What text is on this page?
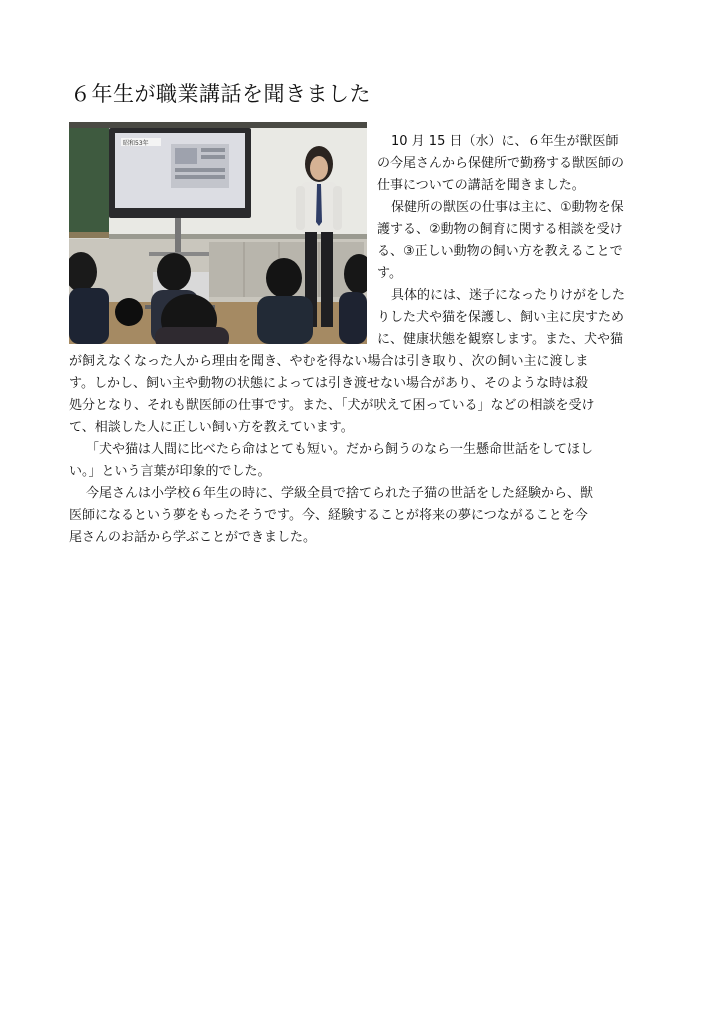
６年生が職業講話を聞きました
昭和53年	10 月 15 日（水）に、６年生が獣医師
の今尾さんから保健所で勤務する獣医師の
仕事についての講話を聞きました。
保健所の獣医の仕事は主に、①動物を保
護する、②動物の飼育に関する相談を受け
る、③正しい動物の飼い方を教えることで
す。
具体的には、迷子になったりけがをした
りした犬や猫を保護し、飼い主に戻すため
に、健康状態を観察します。また、犬や猫
が飼えなくなった人から理由を聞き、やむを得ない場合は引き取り、次の飼い主に渡しま
す。しかし、飼い主や動物の状態によっては引き渡せない場合があり、そのような時は殺
処分となり、それも獣医師の仕事です。また、「犬が吠えて困っている」などの相談を受け
て、相談した人に正しい飼い方を教えています。
「犬や猫は人間に比べたら命はとても短い。だから飼うのなら一生懸命世話をしてほし
い。」という言葉が印象的でした。
今尾さんは小学校６年生の時に、学級全員で捨てられた子猫の世話をした経験から、獣
医師になるという夢をもったそうです。今、経験することが将来の夢につながることを今
尾さんのお話から学ぶことができました。
